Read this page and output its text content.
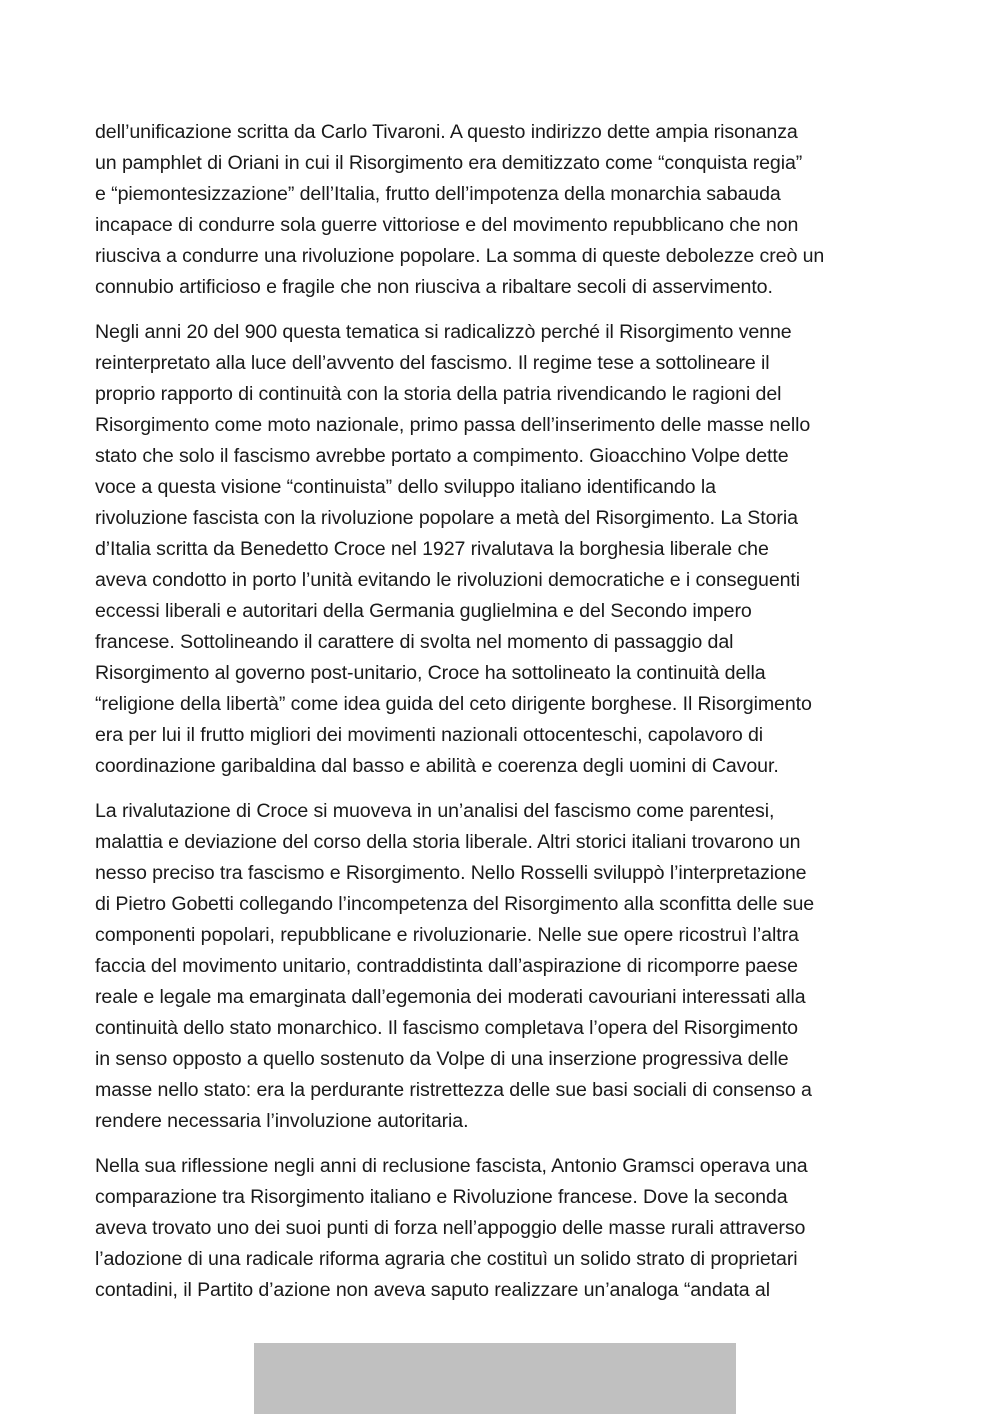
dell’unificazione scritta da Carlo Tivaroni. A questo indirizzo dette ampia risonanza
un pamphlet di Oriani in cui il Risorgimento era demitizzato come “conquista regia”
e “piemontesizzazione” dell’Italia, frutto dell’impotenza della monarchia sabauda
incapace di condurre sola guerre vittoriose e del movimento repubblicano che non
riusciva a condurre una rivoluzione popolare. La somma di queste debolezze creò un
connubio artificioso e fragile che non riusciva a ribaltare secoli di asservimento.

Negli anni 20 del 900 questa tematica si radicalizzò perché il Risorgimento venne
reinterpretato alla luce dell’avvento del fascismo. Il regime tese a sottolineare il
proprio rapporto di continuità con la storia della patria rivendicando le ragioni del
Risorgimento come moto nazionale, primo passa dell’inserimento delle masse nello
stato che solo il fascismo avrebbe portato a compimento. Gioacchino Volpe dette
voce a questa visione “continuista” dello sviluppo italiano identificando la
rivoluzione fascista con la rivoluzione popolare a metà del Risorgimento. La Storia
d’Italia scritta da Benedetto Croce nel 1927 rivalutava la borghesia liberale che
aveva condotto in porto l’unità evitando le rivoluzioni democratiche e i conseguenti
eccessi liberali e autoritari della Germania guglielmina e del Secondo impero
francese. Sottolineando il carattere di svolta nel momento di passaggio dal
Risorgimento al governo post-unitario, Croce ha sottolineato la continuità della
“religione della libertà” come idea guida del ceto dirigente borghese. Il Risorgimento
era per lui il frutto migliori dei movimenti nazionali ottocenteschi, capolavoro di
coordinazione garibaldina dal basso e abilità e coerenza degli uomini di Cavour.

La rivalutazione di Croce si muoveva in un’analisi del fascismo come parentesi,
malattia e deviazione del corso della storia liberale. Altri storici italiani trovarono un
nesso preciso tra fascismo e Risorgimento. Nello Rosselli sviluppò l’interpretazione
di Pietro Gobetti collegando l’incompetenza del Risorgimento alla sconfitta delle sue
componenti popolari, repubblicane e rivoluzionarie. Nelle sue opere ricostruì l’altra
faccia del movimento unitario, contraddistinta dall’aspirazione di ricomporre paese
reale e legale ma emarginata dall’egemonia dei moderati cavouriani interessati alla
continuità dello stato monarchico. Il fascismo completava l’opera del Risorgimento
in senso opposto a quello sostenuto da Volpe di una inserzione progressiva delle
masse nello stato: era la perdurante ristrettezza delle sue basi sociali di consenso a
rendere necessaria l’involuzione autoritaria.

Nella sua riflessione negli anni di reclusione fascista, Antonio Gramsci operava una
comparazione tra Risorgimento italiano e Rivoluzione francese. Dove la seconda
aveva trovato uno dei suoi punti di forza nell’appoggio delle masse rurali attraverso
l’adozione di una radicale riforma agraria che costituì un solido strato di proprietari
contadini, il Partito d’azione non aveva saputo realizzare un’analoga “andata al
